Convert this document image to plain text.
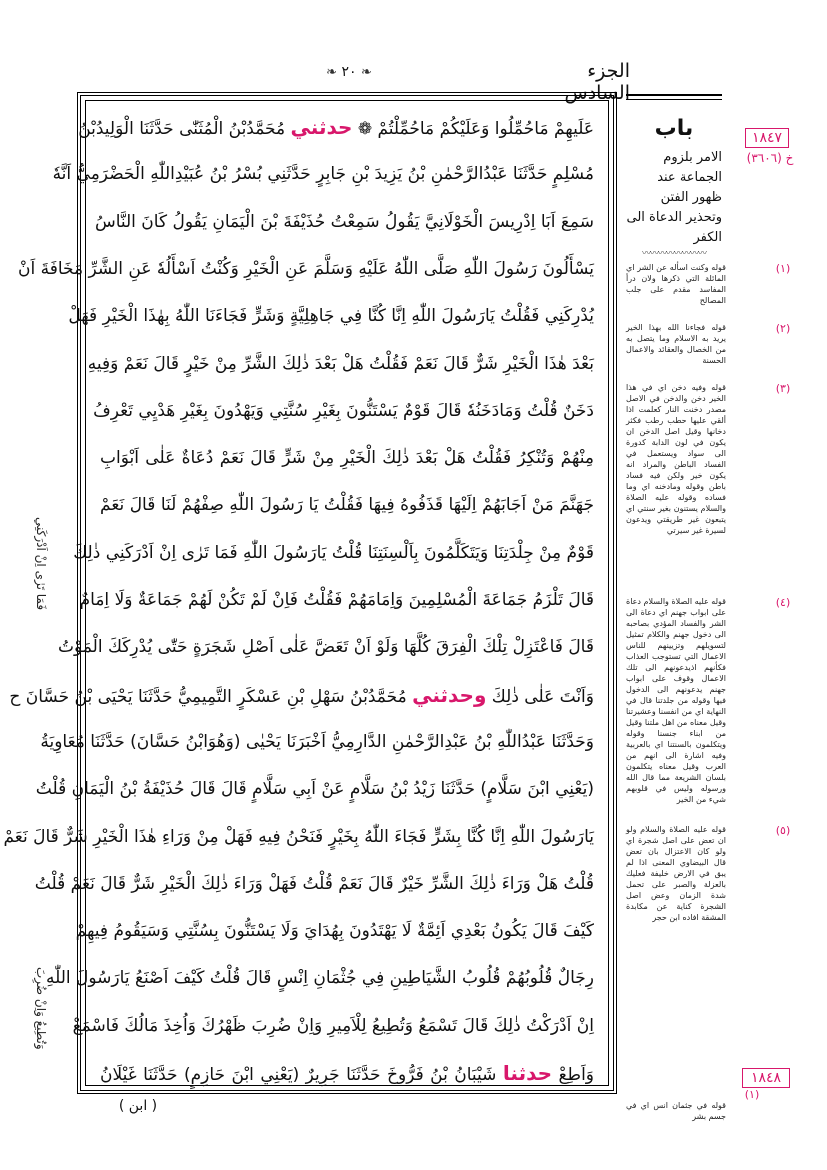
الجزء السادس
❧ ٢٠ ❧
فَمَا تَرٰى اِنْ اَدْرَكَنِي
وَتُطِيعُ وَاِنْ ضُرِبَ
عَلَيهِمْ مَاحُمِّلُوا وَعَلَيْكُمْ مَاحُمِّلْتُمْ ❁ حدثني مُحَمَّدُبْنُ الْمُثَنّٰى حَدَّثَنَا الْوَلِيدُبْنُ
مُسْلِمٍ حَدَّثَنَا عَبْدُالرَّحْمٰنِ بْنُ يَزِيدَ بْنِ جَابِرٍ حَدَّثَنِي بُسْرُ بْنُ عُبَيْدِاللّٰهِ الْحَضْرَمِيُّ اَنَّهٗ
سَمِعَ اَبَا اِدْرِيسَ الْخَوْلَانِيَّ يَقُولُ سَمِعْتُ حُذَيْفَةَ بْنَ الْيَمَانِ يَقُولُ كَانَ النَّاسُ
يَسْأَلُونَ رَسُولَ اللّٰهِ صَلَّى اللّٰهُ عَلَيْهِ وَسَلَّمَ عَنِ الْخَيْرِ وَكُنْتُ اَسْأَلُهٗ عَنِ الشَّرِّ مَخَافَةَ اَنْ
يُدْرِكَنِي فَقُلْتُ يَارَسُولَ اللّٰهِ اِنَّا كُنَّا فِي جَاهِلِيَّةٍ وَشَرٍّ فَجَاءَنَا اللّٰهُ بِهٰذَا الْخَيْرِ فَهَلْ
بَعْدَ هٰذَا الْخَيْرِ شَرٌّ قَالَ نَعَمْ فَقُلْتُ هَلْ بَعْدَ ذٰلِكَ الشَّرِّ مِنْ خَيْرٍ قَالَ نَعَمْ وَفِيهِ
دَخَنٌ قُلْتُ وَمَادَخَنُهٗ قَالَ قَوْمٌ يَسْتَنُّونَ بِغَيْرِ سُنَّتِي وَيَهْدُونَ بِغَيْرِ هَدْيِي تَعْرِفُ
مِنْهُمْ وَتُنْكِرُ فَقُلْتُ هَلْ بَعْدَ ذٰلِكَ الْخَيْرِ مِنْ شَرٍّ قَالَ نَعَمْ دُعَاةٌ عَلٰى اَبْوَابِ
جَهَنَّمَ مَنْ اَجَابَهُمْ اِلَيْهَا قَذَفُوهُ فِيهَا فَقُلْتُ يَا رَسُولَ اللّٰهِ صِفْهُمْ لَنَا قَالَ نَعَمْ
قَوْمٌ مِنْ جِلْدَتِنَا وَيَتَكَلَّمُونَ بِاَلْسِنَتِنَا قُلْتُ يَارَسُولَ اللّٰهِ فَمَا تَرٰى اِنْ اَدْرَكَنِي ذٰلِكَ
قَالَ تَلْزَمُ جَمَاعَةَ الْمُسْلِمِينَ وَاِمَامَهُمْ فَقُلْتُ فَاِنْ لَمْ تَكُنْ لَهُمْ جَمَاعَةٌ وَلَا اِمَامٌ
قَالَ فَاعْتَزِلْ تِلْكَ الْفِرَقَ كُلَّهَا وَلَوْ اَنْ تَعَضَّ عَلٰى اَصْلِ شَجَرَةٍ حَتّٰى يُدْرِكَكَ الْمَوْتُ
وَاَنْتَ عَلٰى ذٰلِكَ وحدثني مُحَمَّدُبْنُ سَهْلِ بْنِ عَسْكَرٍ التَّمِيمِيُّ حَدَّثَنَا يَحْيَى بْنُ حَسَّانَ ح
وَحَدَّثَنَا عَبْدُاللّٰهِ بْنُ عَبْدِالرَّحْمٰنِ الدَّارِمِيُّ اَخْبَرَنَا يَحْيٰى (وَهُوَابْنُ حَسَّانَ) حَدَّثَنَا مُعَاوِيَةُ
(يَعْنِي ابْنَ سَلَّامٍ) حَدَّثَنَا زَيْدُ بْنُ سَلَّامٍ عَنْ اَبِي سَلَّامٍ قَالَ قَالَ حُذَيْفَةُ بْنُ الْيَمَانِ قُلْتُ
يَارَسُولَ اللّٰهِ اِنَّا كُنَّا بِشَرٍّ فَجَاءَ اللّٰهُ بِخَيْرٍ فَنَحْنُ فِيهِ فَهَلْ مِنْ وَرَاءِ هٰذَا الْخَيْرِ شَرٌّ قَالَ نَعَمْ
قُلْتُ هَلْ وَرَاءَ ذٰلِكَ الشَّرِّ خَيْرٌ قَالَ نَعَمْ قُلْتُ فَهَلْ وَرَاءَ ذٰلِكَ الْخَيْرِ شَرٌّ قَالَ نَعَمْ قُلْتُ
كَيْفَ قَالَ يَكُونُ بَعْدِي اَئِمَّةٌ لَا يَهْتَدُونَ بِهُدَايَ وَلَا يَسْتَنُّونَ بِسُنَّتِي وَسَيَقُومُ فِيهِمْ
رِجَالٌ قُلُوبُهُمْ قُلُوبُ الشَّيَاطِينِ فِي جُثْمَانِ اِنْسٍ قَالَ قُلْتُ كَيْفَ اَصْنَعُ يَارَسُولَ اللّٰهِ
اِنْ اَدْرَكْتُ ذٰلِكَ قَالَ تَسْمَعُ وَتُطِيعُ لِلْاَمِيرِ وَاِنْ ضُرِبَ ظَهْرُكَ وَاُخِذَ مَالُكَ فَاسْمَعْ
وَاَطِعْ حدثنا شَيْبَانُ بْنُ فَرُّوخَ حَدَّثَنَا جَرِيرٌ (يَعْنِي ابْنَ حَازِمٍ) حَدَّثَنَا غَيْلَانُ
( ابن )
باب
الامر بلزوم الجماعة عند ظهور الفتن وتحذير الدعاة الى الكفر
〰〰〰〰〰〰〰〰
(١)
قوله وكنت اسأله عن الشر اي المائلة التي ذكرها ولان درأ المفاسد مقدم على جلب المصالح
(٢)
قوله فجاءنا الله بهذا الخير يريد به الاسلام وما يتصل به من الخصال والعقائد والاعمال الحسنة
(٣)
قوله وفيه دخن اي في هذا الخير دخن والدخن في الاصل مصدر دخنت النار كعلمت اذا ألقي عليها حطب رطب فكثر دخانها وقيل اصل الدخن ان يكون في لون الدابة كدورة الى سواد ويستعمل في الفساد الباطن والمراد انه يكون خير ولكن فيه فساد باطن وقوله ومادخنه اي وما فساده وقوله عليه الصلاة والسلام يستنون بغير سنتي اي يتبعون غير طريقتي ويدعون لسيرة غير سيرتي
(٤)
قوله عليه الصلاة والسلام دعاة على ابواب جهنم اي دعاة الى الشر والفساد المؤدي بصاحبه الى دخول جهنم والكلام تمثيل لتسويلهم وتزيينهم للناس الاعمال التي تستوجب العذاب فكأنهم اذيدعونهم الى تلك الاعمال وقوف على ابواب جهنم يدعونهم الى الدخول فيها وقوله من جلدتنا قال في النهاية اي من انفسنا وعشيرتنا وقيل معناه من اهل ملتنا وقيل من ابناء جنسنا وقوله ويتكلمون بالسنتنا اي بالعربية وفيه اشارة الى انهم من العرب وقيل معناه يتكلمون بلسان الشريعة مما قال الله ورسوله وليس في قلوبهم شيء من الخير
(٥)
قوله عليه الصلاة والسلام ولو ان تعض على اصل شجرة اي ولو كان الاعتزال بان تعض قال البيضاوي المعنى اذا لم يبق في الارض خليفة فعليك بالعزلة والصبر على تحمل شدة الزمان وعض اصل الشجرة كناية عن مكابدة المشقة افاده ابن حجر
قوله في جثمان انس اي في جسم بشر
١٨٤٧
خ (٣٦٠٦)
١٨٤٨
(١)
